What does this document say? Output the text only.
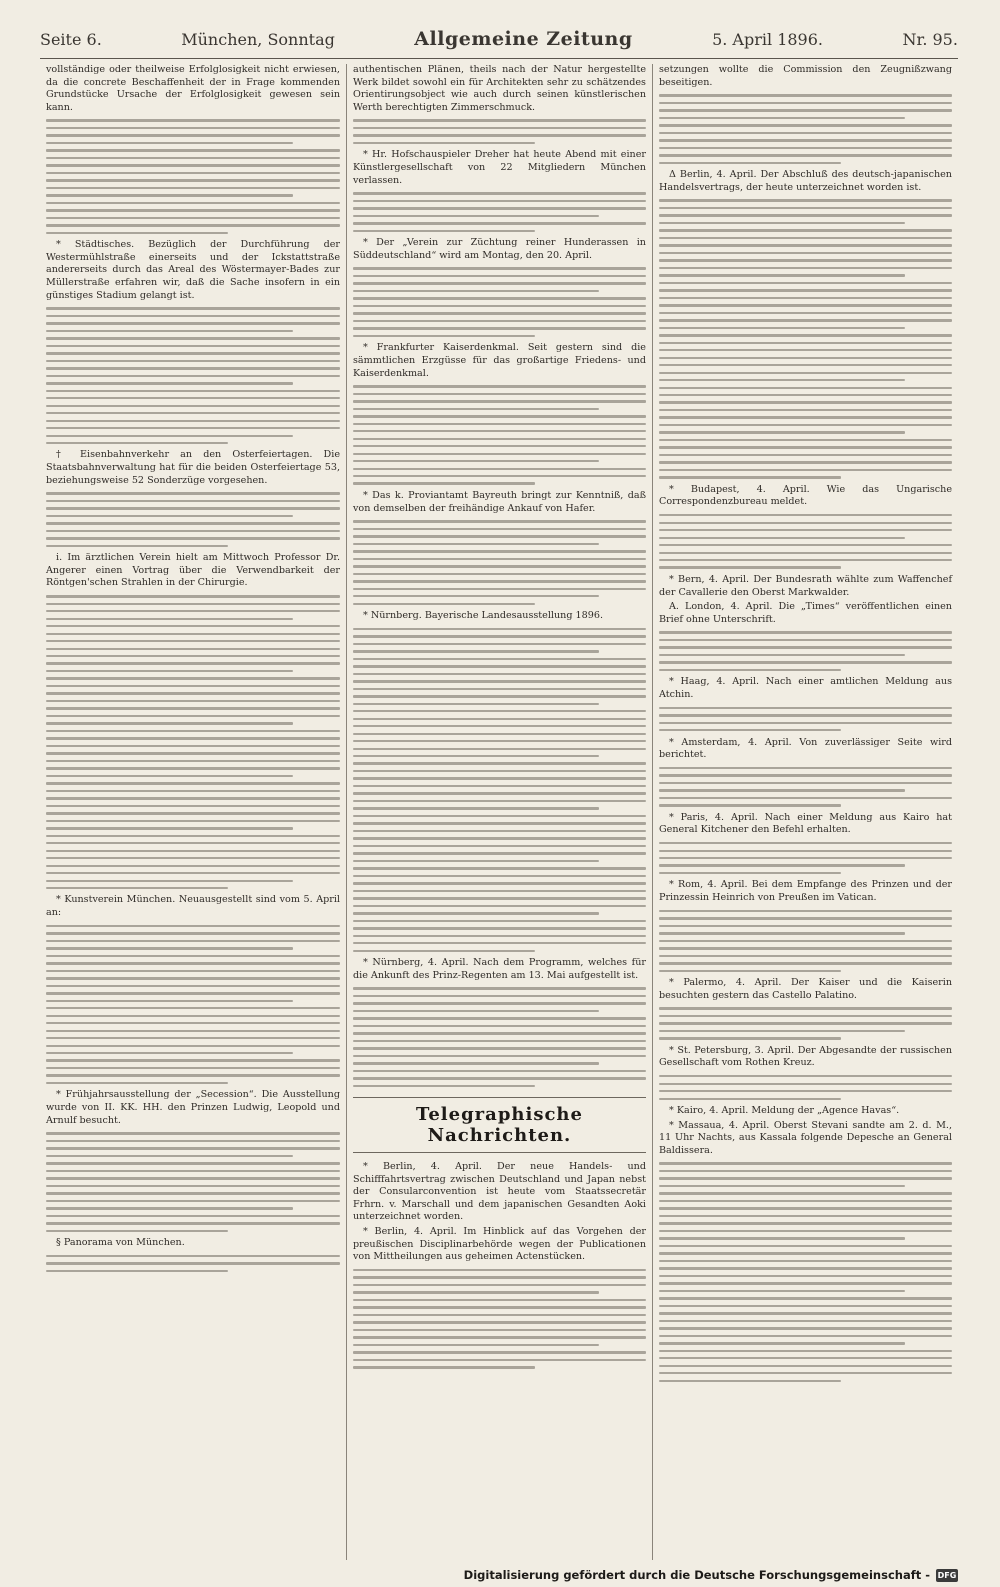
Seite 6.	München, Sonntag	Allgemeine Zeitung	5. April 1896.	Nr. 95.
vollständige oder theilweise Erfolglosigkeit nicht erwiesen, da die concrete Beschaffenheit der in Frage kommenden Grundstücke Ursache der Erfolglosigkeit gewesen sein kann.
* Städtisches. Bezüglich der Durchführung der Westermühlstraße einerseits und der Ickstattstraße andererseits durch das Areal des Wöstermayer-Bades zur Müllerstraße erfahren wir, daß die Sache insofern in ein günstiges Stadium gelangt ist.
† Eisenbahnverkehr an den Osterfeiertagen. Die Staatsbahnverwaltung hat für die beiden Osterfeiertage 53, beziehungsweise 52 Sonderzüge vorgesehen.
i. Im ärztlichen Verein hielt am Mittwoch Professor Dr. Angerer einen Vortrag über die Verwendbarkeit der Röntgen'schen Strahlen in der Chirurgie.
* Kunstverein München. Neuausgestellt sind vom 5. April an:
* Frühjahrsausstellung der „Secession“. Die Ausstellung wurde von II. KK. HH. den Prinzen Ludwig, Leopold und Arnulf besucht.
§ Panorama von München.
authentischen Plänen, theils nach der Natur hergestellte Werk bildet sowohl ein für Architekten sehr zu schätzendes Orientirungsobject wie auch durch seinen künstlerischen Werth berechtigten Zimmerschmuck.
* Hr. Hofschauspieler Dreher hat heute Abend mit einer Künstlergesellschaft von 22 Mitgliedern München verlassen.
* Der „Verein zur Züchtung reiner Hunderassen in Süddeutschland“ wird am Montag, den 20. April.
* Frankfurter Kaiserdenkmal. Seit gestern sind die sämmtlichen Erzgüsse für das großartige Friedens- und Kaiserdenkmal.
* Das k. Proviantamt Bayreuth bringt zur Kenntniß, daß von demselben der freihändige Ankauf von Hafer.
* Nürnberg. Bayerische Landesausstellung 1896.
* Nürnberg, 4. April. Nach dem Programm, welches für die Ankunft des Prinz-Regenten am 13. Mai aufgestellt ist.
Telegraphische Nachrichten.
* Berlin, 4. April. Der neue Handels- und Schifffahrtsvertrag zwischen Deutschland und Japan nebst der Consularconvention ist heute vom Staatssecretär Frhrn. v. Marschall und dem japanischen Gesandten Aoki unterzeichnet worden.
* Berlin, 4. April. Im Hinblick auf das Vorgehen der preußischen Disciplinarbehörde wegen der Publicationen von Mittheilungen aus geheimen Actenstücken.
setzungen wollte die Commission den Zeugnißzwang beseitigen.
Δ Berlin, 4. April. Der Abschluß des deutsch-japanischen Handelsvertrags, der heute unterzeichnet worden ist.
* Budapest, 4. April. Wie das Ungarische Correspondenzbureau meldet.
* Bern, 4. April. Der Bundesrath wählte zum Waffenchef der Cavallerie den Oberst Markwalder.
A. London, 4. April. Die „Times“ veröffentlichen einen Brief ohne Unterschrift.
* Haag, 4. April. Nach einer amtlichen Meldung aus Atchin.
* Amsterdam, 4. April. Von zuverlässiger Seite wird berichtet.
* Paris, 4. April. Nach einer Meldung aus Kairo hat General Kitchener den Befehl erhalten.
* Rom, 4. April. Bei dem Empfange des Prinzen und der Prinzessin Heinrich von Preußen im Vatican.
* Palermo, 4. April. Der Kaiser und die Kaiserin besuchten gestern das Castello Palatino.
* St. Petersburg, 3. April. Der Abgesandte der russischen Gesellschaft vom Rothen Kreuz.
* Kairo, 4. April. Meldung der „Agence Havas“.
* Massaua, 4. April. Oberst Stevani sandte am 2. d. M., 11 Uhr Nachts, aus Kassala folgende Depesche an General Baldissera.
Digitalisierung gefördert durch die Deutsche Forschungsgemeinschaft - DFG
